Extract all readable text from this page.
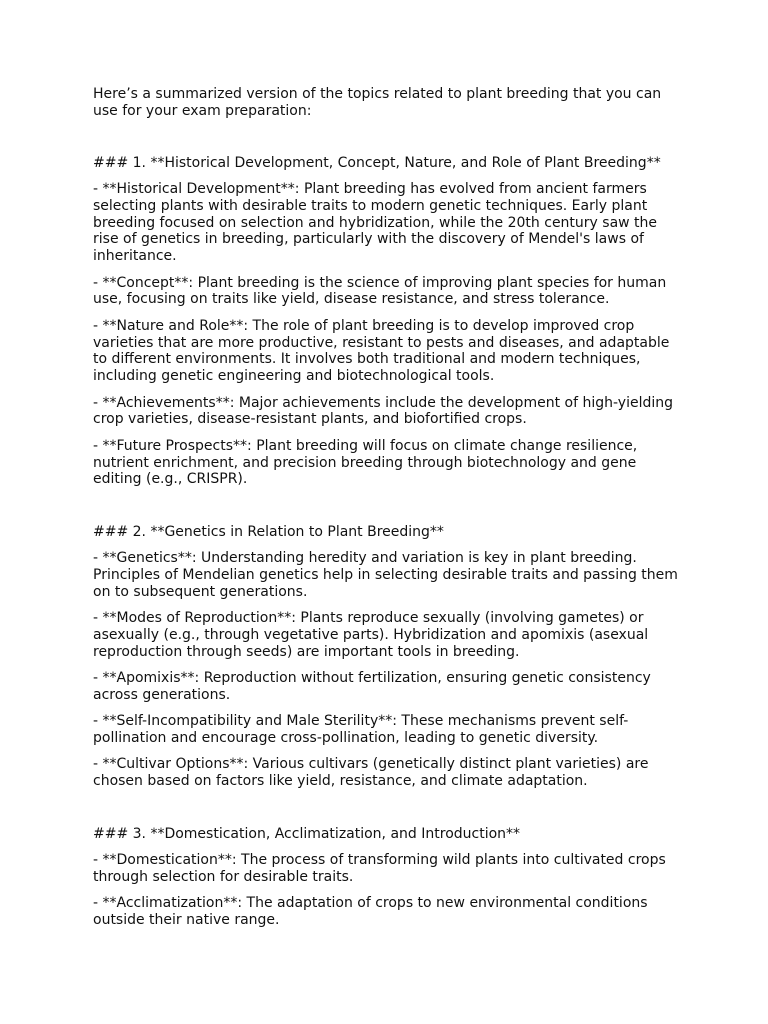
Here’s a summarized version of the topics related to plant breeding that you can use for your exam preparation:

### 1. **Historical Development, Concept, Nature, and Role of Plant Breeding**

- **Historical Development**: Plant breeding has evolved from ancient farmers selecting plants with desirable traits to modern genetic techniques. Early plant breeding focused on selection and hybridization, while the 20th century saw the rise of genetics in breeding, particularly with the discovery of Mendel's laws of inheritance.

- **Concept**: Plant breeding is the science of improving plant species for human use, focusing on traits like yield, disease resistance, and stress tolerance.

- **Nature and Role**: The role of plant breeding is to develop improved crop varieties that are more productive, resistant to pests and diseases, and adaptable to different environments. It involves both traditional and modern techniques, including genetic engineering and biotechnological tools.

- **Achievements**: Major achievements include the development of high-yielding crop varieties, disease-resistant plants, and biofortified crops.

- **Future Prospects**: Plant breeding will focus on climate change resilience, nutrient enrichment, and precision breeding through biotechnology and gene editing (e.g., CRISPR).

### 2. **Genetics in Relation to Plant Breeding**

- **Genetics**: Understanding heredity and variation is key in plant breeding. Principles of Mendelian genetics help in selecting desirable traits and passing them on to subsequent generations.

- **Modes of Reproduction**: Plants reproduce sexually (involving gametes) or asexually (e.g., through vegetative parts). Hybridization and apomixis (asexual reproduction through seeds) are important tools in breeding.

- **Apomixis**: Reproduction without fertilization, ensuring genetic consistency across generations.

- **Self-Incompatibility and Male Sterility**: These mechanisms prevent self-pollination and encourage cross-pollination, leading to genetic diversity.

- **Cultivar Options**: Various cultivars (genetically distinct plant varieties) are chosen based on factors like yield, resistance, and climate adaptation.

### 3. **Domestication, Acclimatization, and Introduction**

- **Domestication**: The process of transforming wild plants into cultivated crops through selection for desirable traits.

- **Acclimatization**: The adaptation of crops to new environmental conditions outside their native range.
